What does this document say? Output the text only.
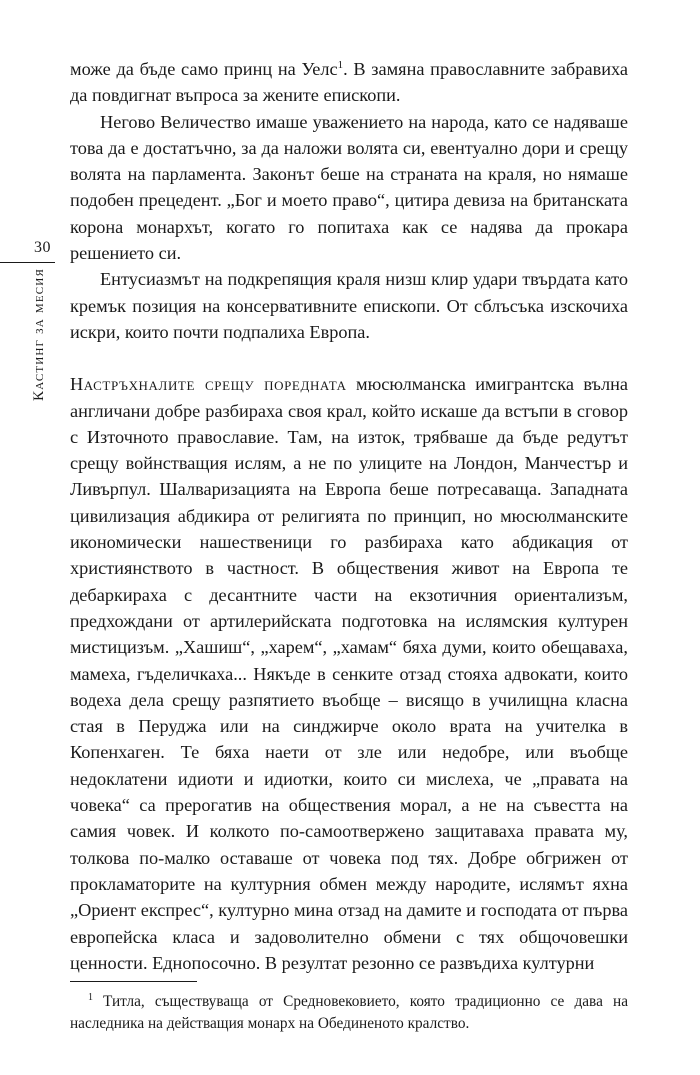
30
Кастинг за месия

може да бъде само принц на Уелс$^1$. В замяна православните забравиха да повдигнат въпроса за жените епископи.

Негово Величество имаше уважението на народа, като се надяваше това да е достатъчно, за да наложи волята си, евентуално дори и срещу волята на парламента. Законът беше на страната на краля, но нямаше подобен прецедент. „Бог и моето право“, цитира девиза на британската корона монархът, когато го попитаха как се надява да прокара решението си.

Ентусиазмът на подкрепящия краля низш клир удари твърдата като кремък позиция на консервативните епископи. От сблъсъка изскочиха искри, които почти подпалиха Европа.

Настръхналите срещу поредната мюсюлманска имигрантска вълна англичани добре разбираха своя крал, който искаше да встъпи в сговор с Източното православие. Там, на изток, трябваше да бъде редутът срещу войнстващия ислям, а не по улиците на Лондон, Манчестър и Ливърпул. Шалваризацията на Европа беше потресаваща. Западната цивилизация абдикира от религията по принцип, но мюсюлманските икономически нашественици го разбираха като абдикация от християнството в частност. В обществения живот на Европа те дебаркираха с десантните части на екзотичния ориентализъм, предхождани от артилерийската подготовка на ислямския културен мистицизъм. „Хашиш“, „харем“, „хамам“ бяха думи, които обещаваха, мамеха, гъделичкаха... Някъде в сенките отзад стояха адвокати, които водеха дела срещу разпятието въобще – висящо в училищна класна стая в Перуджа или на синджирче около врата на учителка в Копенхаген. Те бяха наети от зле или недобре, или въобще недоклатени идиоти и идиотки, които си мислеха, че „правата на човека“ са прерогатив на обществения морал, а не на съвестта на самия човек. И колкото по-самоотвержено защитаваха правата му, толкова по-малко оставаше от човека под тях. Добре обгрижен от прокламаторите на културния обмен между народите, ислямът яхна „Ориент експрес“, културно мина отзад на дамите и господата от първа европейска класа и задоволително обмени с тях общочовешки ценности. Еднопосочно. В резултат резонно се развъдиха културни

$^1$ Титла, съществуваща от Средновековието, която традиционно се дава на наследника на действащия монарх на Обединеното кралство.
